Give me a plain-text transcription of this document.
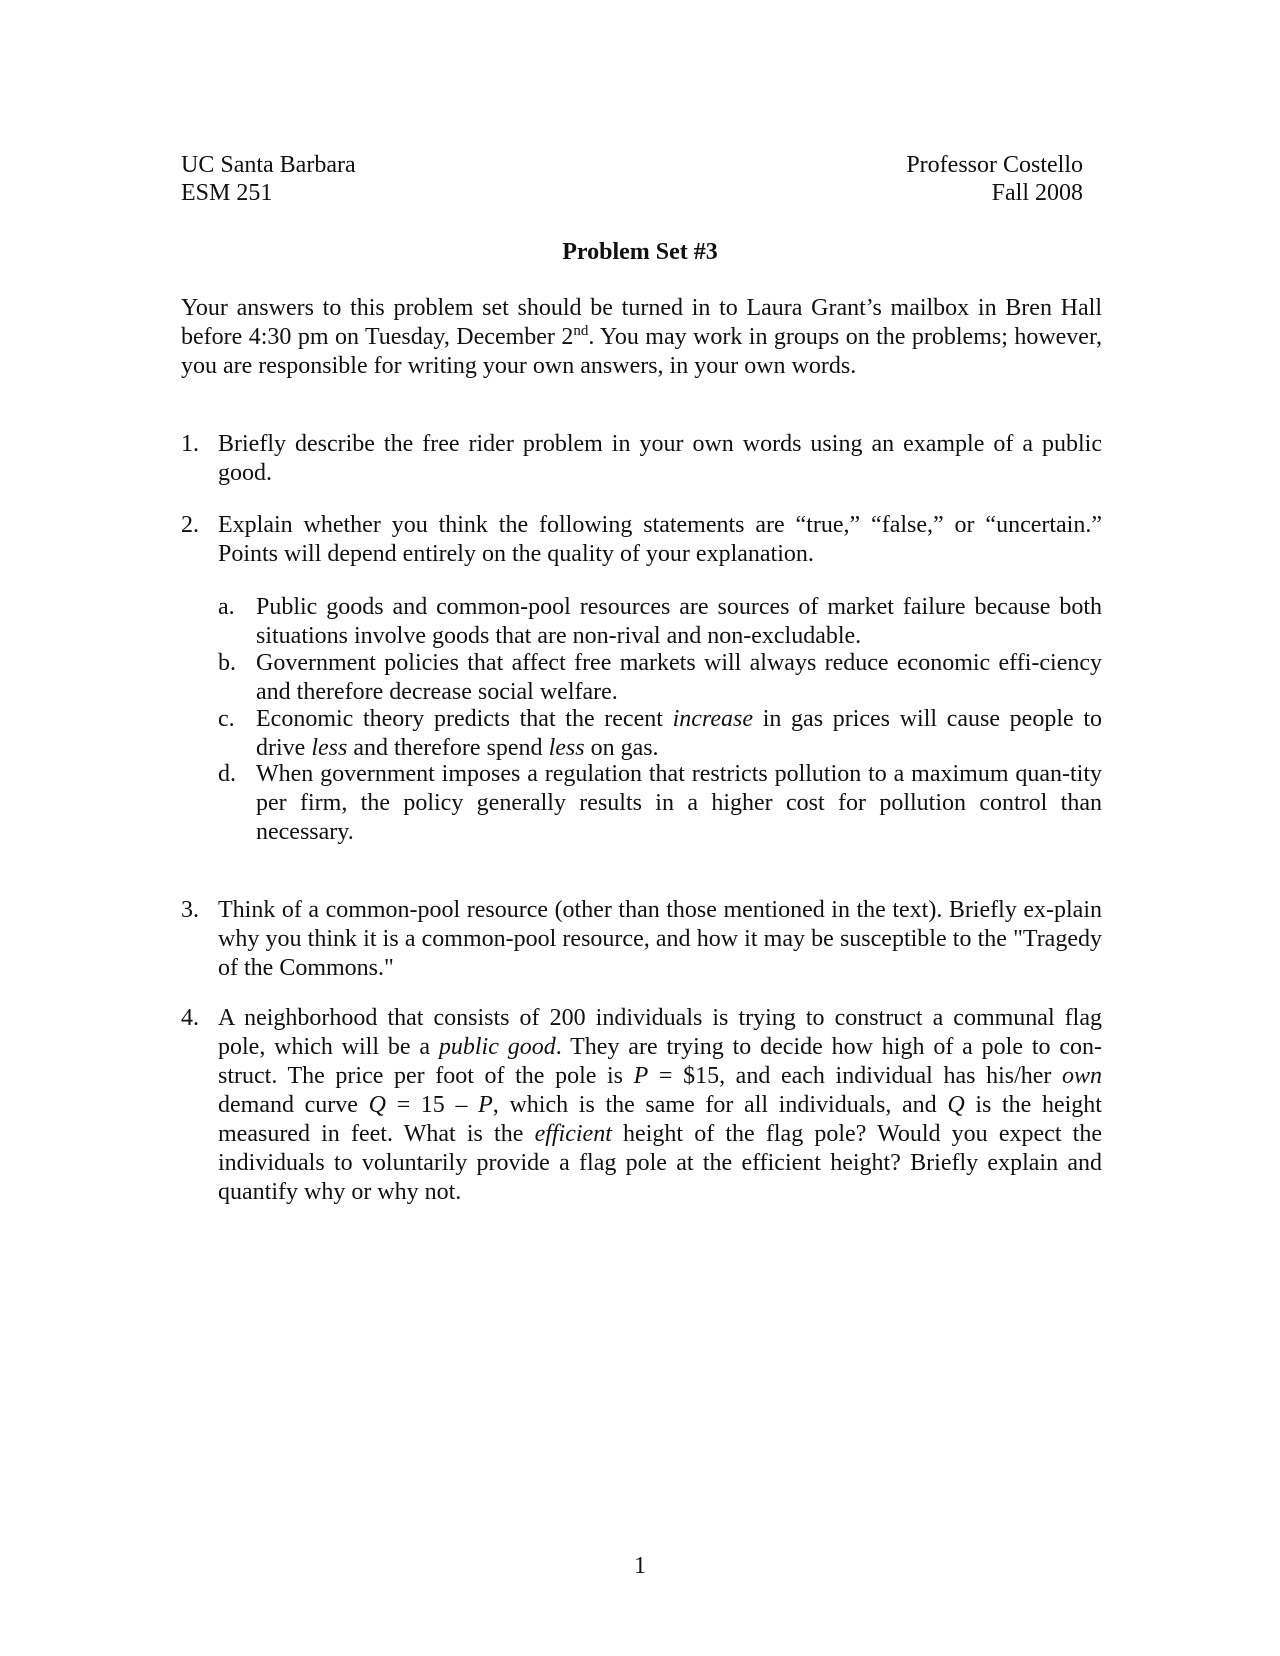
UC Santa Barbara
ESM 251
Professor Costello
Fall 2008
Problem Set #3

Your answers to this problem set should be turned in to Laura Grant’s mailbox in Bren Hall before 4:30 pm on Tuesday, December 2nd. You may work in groups on the problems; however, you are responsible for writing your own answers, in your own words.

1. Briefly describe the free rider problem in your own words using an example of a public good.
2. Explain whether you think the following statements are “true,” “false,” or “uncertain.” Points will depend entirely on the quality of your explanation.
a. Public goods and common-pool resources are sources of market failure because both situations involve goods that are non-rival and non-excludable.
b. Government policies that affect free markets will always reduce economic effi-ciency and therefore decrease social welfare.
c. Economic theory predicts that the recent increase in gas prices will cause people to drive less and therefore spend less on gas.
d. When government imposes a regulation that restricts pollution to a maximum quan-tity per firm, the policy generally results in a higher cost for pollution control than necessary.
3. Think of a common-pool resource (other than those mentioned in the text). Briefly ex-plain why you think it is a common-pool resource, and how it may be susceptible to the "Tragedy of the Commons."
4. A neighborhood that consists of 200 individuals is trying to construct a communal flag pole, which will be a public good. They are trying to decide how high of a pole to con-struct. The price per foot of the pole is P = $15, and each individual has his/her own demand curve Q = 15 – P, which is the same for all individuals, and Q is the height measured in feet. What is the efficient height of the flag pole? Would you expect the individuals to voluntarily provide a flag pole at the efficient height? Briefly explain and quantify why or why not.
1
